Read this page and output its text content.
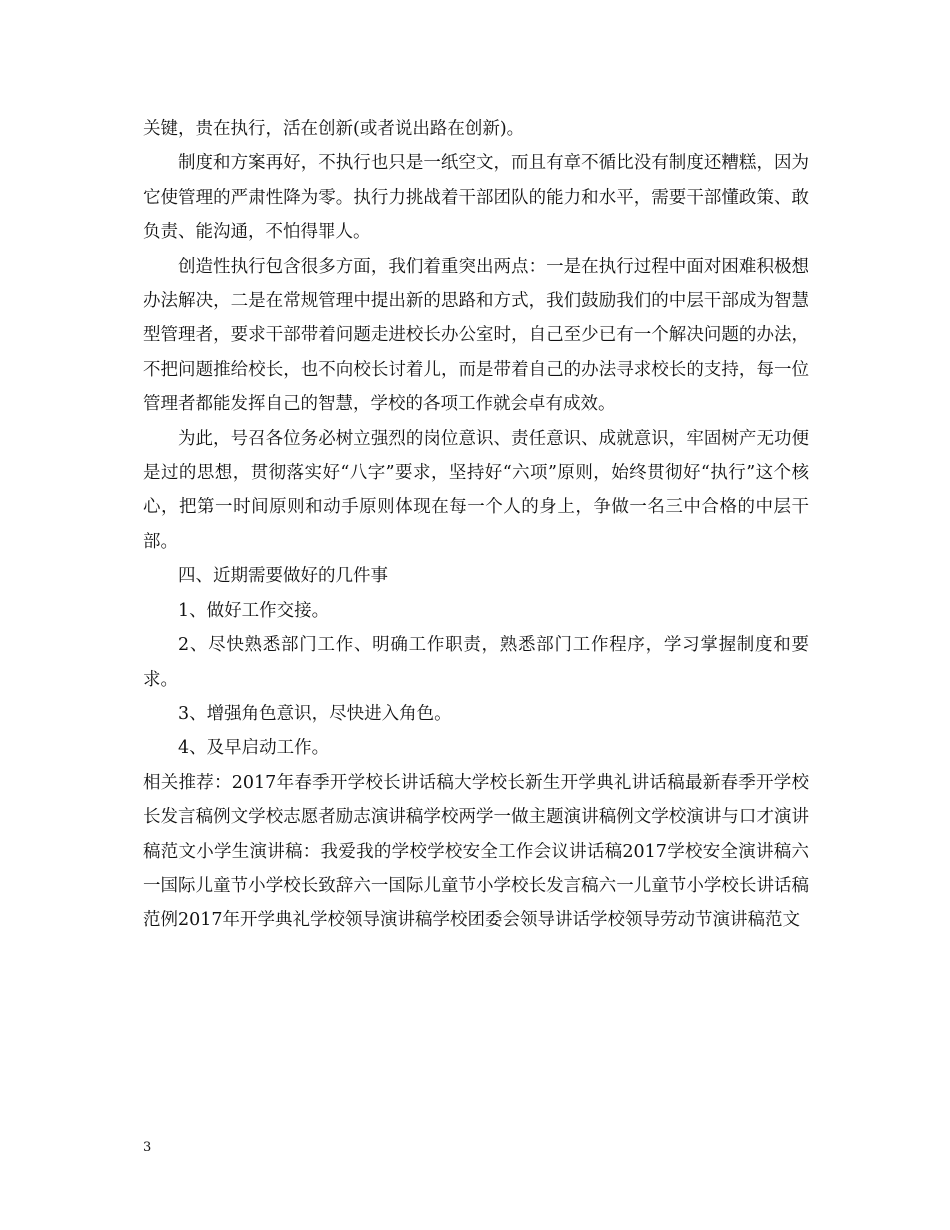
关键，贵在执行，活在创新(或者说出路在创新)。

制度和方案再好，不执行也只是一纸空文，而且有章不循比没有制度还糟糕，因为它使管理的严肃性降为零。执行力挑战着干部团队的能力和水平，需要干部懂政策、敢负责、能沟通，不怕得罪人。

创造性执行包含很多方面，我们着重突出两点：一是在执行过程中面对困难积极想办法解决，二是在常规管理中提出新的思路和方式，我们鼓励我们的中层干部成为智慧型管理者，要求干部带着问题走进校长办公室时，自己至少已有一个解决问题的办法，不把问题推给校长，也不向校长讨着儿，而是带着自己的办法寻求校长的支持，每一位管理者都能发挥自己的智慧，学校的各项工作就会卓有成效。

为此，号召各位务必树立强烈的岗位意识、责任意识、成就意识，牢固树产无功便是过的思想，贯彻落实好“八字”要求，坚持好“六项”原则，始终贯彻好“执行”这个核心，把第一时间原则和动手原则体现在每一个人的身上，争做一名三中合格的中层干部。

四、近期需要做好的几件事

1、做好工作交接。

2、尽快熟悉部门工作、明确工作职责，熟悉部门工作程序，学习掌握制度和要求。

3、增强角色意识，尽快进入角色。

4、及早启动工作。

相关推荐：2017年春季开学校长讲话稿大学校长新生开学典礼讲话稿最新春季开学校长发言稿例文学校志愿者励志演讲稿学校两学一做主题演讲稿例文学校演讲与口才演讲稿范文小学生演讲稿：我爱我的学校学校安全工作会议讲话稿2017学校安全演讲稿六一国际儿童节小学校长致辞六一国际儿童节小学校长发言稿六一儿童节小学校长讲话稿范例2017年开学典礼学校领导演讲稿学校团委会领导讲话学校领导劳动节演讲稿范文

3
